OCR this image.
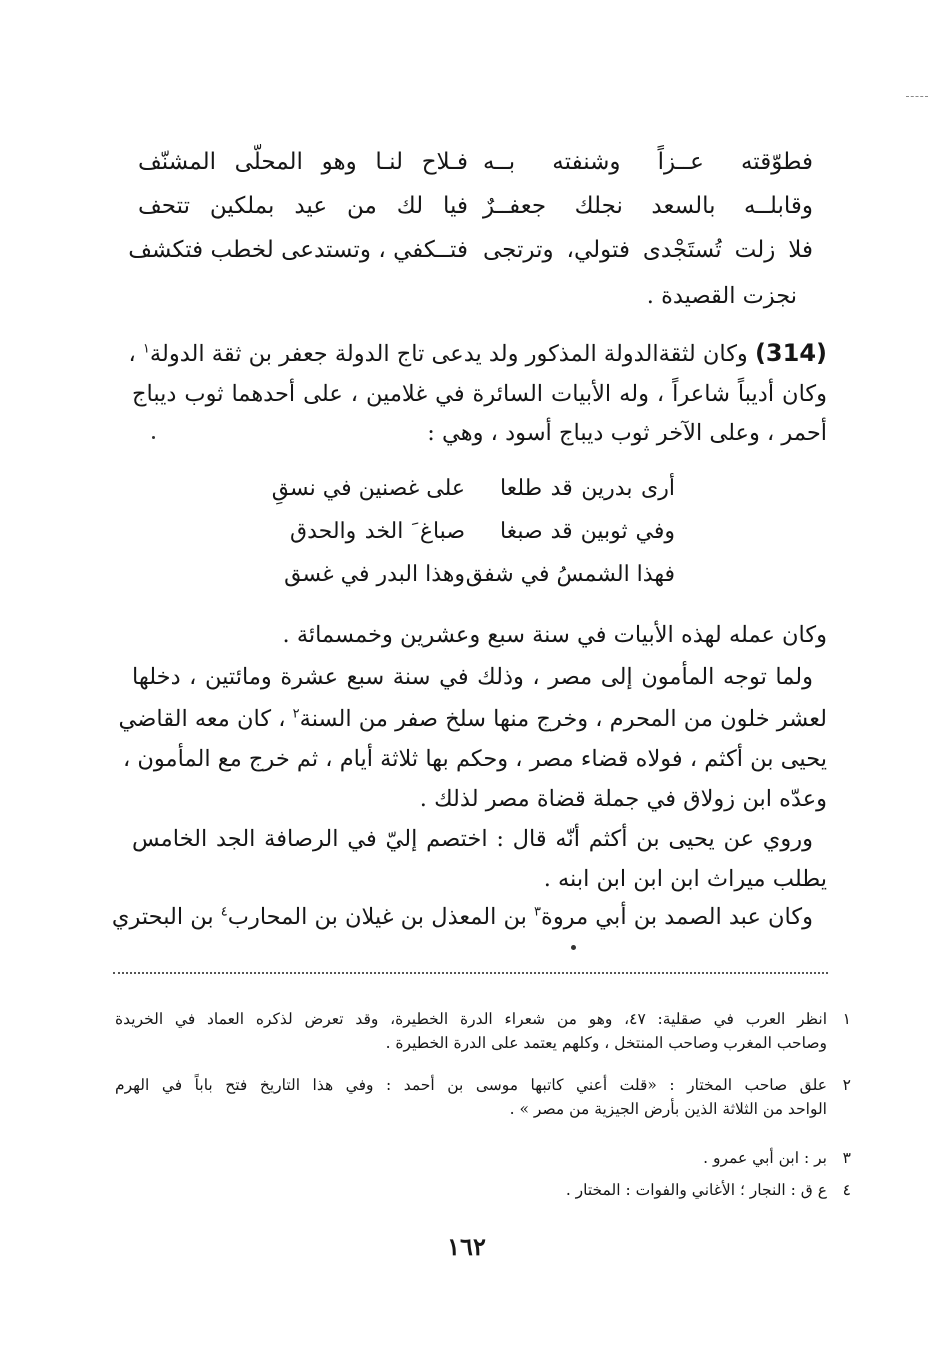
فطوّقته عــزاً وشنفته بــه
فـلاح لنـا وهو المحلّى المشنّف
وقابلــه بالسعد نجلك جعفــرٌ
فيا لك من عيد بملكين تتحف
فلا زلت تُستَجْدى فتولي، وترتجى
فتــكفي ، وتستدعى لخطب فتكشف
نجزت القصيدة .
(314) وكان لثقةالدولة المذكور ولد يدعى تاج الدولة جعفر بن ثقة الدولة$^١$ ،
وكان أديباً شاعراً ، وله الأبيات السائرة في غلامين ، على أحدهما ثوب ديباج
أحمر ، وعلى الآخر ثوب ديباج أسود ، وهي :
أرى بدرين قد طلعا
على غصنين في نسقِ
وفي ثوبين قد صبغا
صباغ َ الخد والحدق
فهذا الشمسُ في شفق
وهذا البدر في غسق
وكان عمله لهذه الأبيات في سنة سبع وعشرين وخمسمائة .
ولما توجه المأمون إلى مصر ، وذلك في سنة سبع عشرة ومائتين ، دخلها
لعشر خلون من المحرم ، وخرج منها سلخ صفر من السنة$^٢$ ، كان معه القاضي
يحيى بن أكثم ، فولاه قضاء مصر ، وحكم بها ثلاثة أيام ، ثم خرج مع المأمون ،
وعدّه ابن زولاق في جملة قضاة مصر لذلك .
وروي عن يحيى بن أكثم أنّه قال : اختصم إليّ في الرصافة الجد الخامس
يطلب ميراث ابن ابن ابن ابنه .
وكان عبد الصمد بن أبي مروة$^٣$ بن المعذل بن غيلان بن المحارب$^٤$ بن البحتري
١
انظر العرب في صقلية: ٤٧، وهو من شعراء الدرة الخطيرة، وقد تعرض لذكره العماد في الخريدة
وصاحب المغرب وصاحب المنتخل ، وكلهم يعتمد على الدرة الخطيرة .
٢
علق صاحب المختار : «قلت أعني كاتبها موسى بن أحمد : وفي هذا التاريخ فتح باباً في الهرم
الواحد من الثلاثة الذين بأرض الجيزية من مصر » .
٣
بر : ابن أبي عمرو .
٤
ع ق : النجار ؛ الأغاني والفوات : المختار .
١٦٢
